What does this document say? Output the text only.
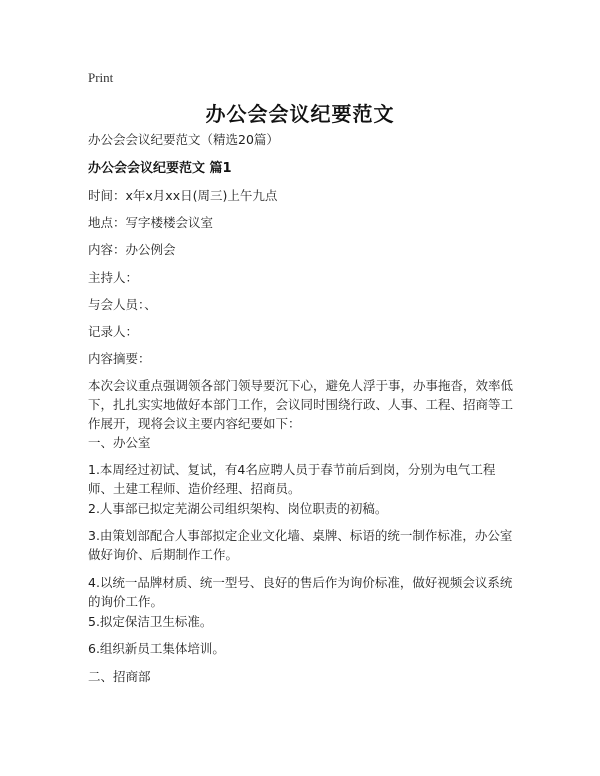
Print
办公会会议纪要范文
办公会会议纪要范文（精选20篇）
办公会会议纪要范文 篇1
时间：x年x月xx日(周三)上午九点
地点：写字楼楼会议室
内容：办公例会
主持人：
与会人员：、
记录人：
内容摘要：
本次会议重点强调领各部门领导要沉下心，避免人浮于事，办事拖沓，效率低下，扎扎实实地做好本部门工作，会议同时围绕行政、人事、工程、招商等工作展开，现将会议主要内容纪要如下：
一、办公室
1.本周经过初试、复试，有4名应聘人员于春节前后到岗，分别为电气工程师、土建工程师、造价经理、招商员。
2.人事部已拟定芜湖公司组织架构、岗位职责的初稿。
3.由策划部配合人事部拟定企业文化墙、桌牌、标语的统一制作标准，办公室做好询价、后期制作工作。
4.以统一品牌材质、统一型号、良好的售后作为询价标准，做好视频会议系统的询价工作。
5.拟定保洁卫生标准。
6.组织新员工集体培训。
二、招商部
